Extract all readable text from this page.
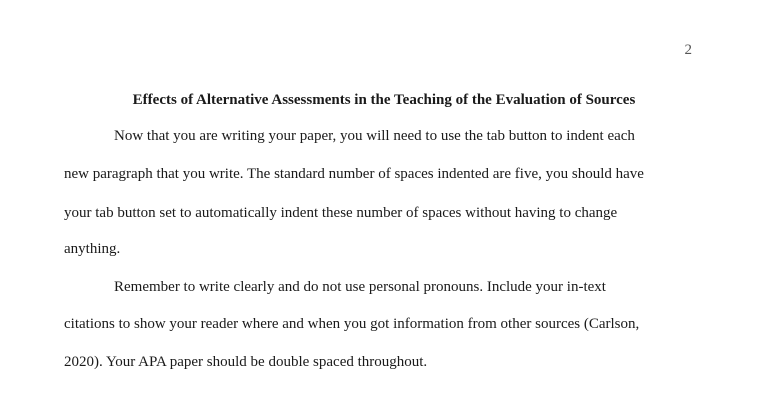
2
Effects of Alternative Assessments in the Teaching of the Evaluation of Sources
Now that you are writing your paper, you will need to use the tab button to indent each
new paragraph that you write. The standard number of spaces indented are five, you should have
your tab button set to automatically indent these number of spaces without having to change
anything.
Remember to write clearly and do not use personal pronouns. Include your in-text
citations to show your reader where and when you got information from other sources (Carlson,
2020). Your APA paper should be double spaced throughout.
